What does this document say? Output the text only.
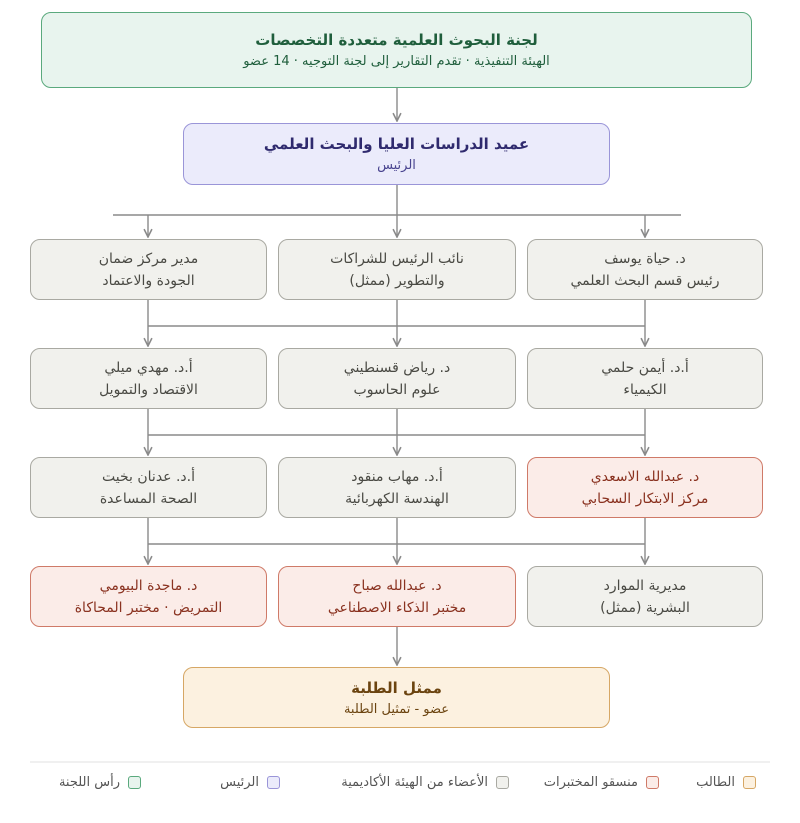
لجنة البحوث العلمية متعددة التخصصات
الهيئة التنفيذية · تقدم التقارير إلى لجنة التوجيه · 14 عضو
عميد الدراسات العليا والبحث العلمي
الرئيس
د. حياة يوسف
رئيس قسم البحث العلمي
نائب الرئيس للشراكات
والتطوير (ممثل)
مدير مركز ضمان
الجودة والاعتماد
أ.د. أيمن حلمي
الكيمياء
د. رياض قسنطيني
علوم الحاسوب
أ.د. مهدي ميلي
الاقتصاد والتمويل
د. عبدالله الاسعدي
مركز الابتكار السحابي
أ.د. مهاب منقود
الهندسة الكهربائية
أ.د. عدنان بخيت
الصحة المساعدة
مديرية الموارد
البشرية (ممثل)
د. عبدالله صباح
مختبر الذكاء الاصطناعي
د. ماجدة البيومي
التمريض · مختبر المحاكاة
ممثل الطلبة
عضو - تمثيل الطلبة
رأس اللجنة	الرئيس	الأعضاء من الهيئة الأكاديمية	منسقو المختبرات	الطالب
